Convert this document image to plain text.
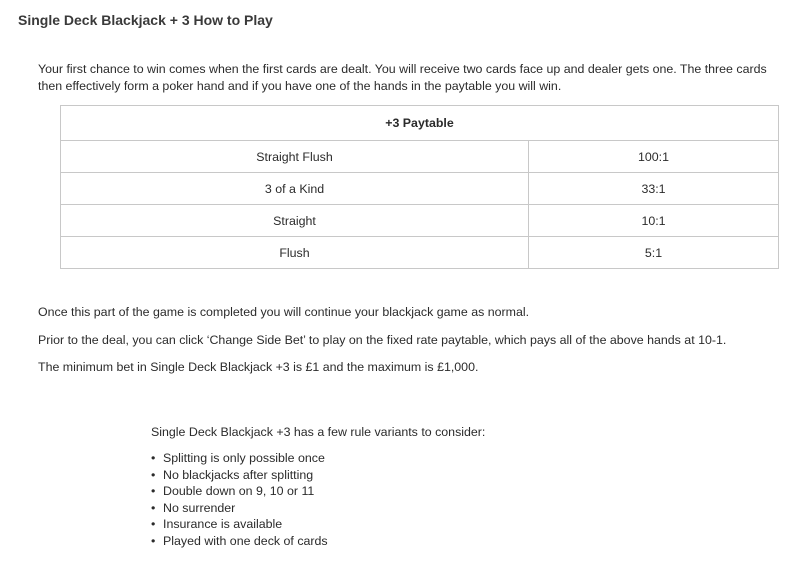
Single Deck Blackjack + 3 How to Play

Your first chance to win comes when the first cards are dealt. You will receive two cards face up and dealer gets one. The three cards then effectively form a poker hand and if you have one of the hands in the paytable you will win.

+3 Paytable	
Straight Flush	100:1
3 of a Kind	33:1
Straight	10:1
Flush	5:1

Once this part of the game is completed you will continue your blackjack game as normal.

Prior to the deal, you can click ‘Change Side Bet’ to play on the fixed rate paytable, which pays all of the above hands at 10-1.

The minimum bet in Single Deck Blackjack +3 is £1 and the maximum is £1,000.

Single Deck Blackjack +3 has a few rule variants to consider:

• Splitting is only possible once
• No blackjacks after splitting
• Double down on 9, 10 or 11
• No surrender
• Insurance is available
• Played with one deck of cards
